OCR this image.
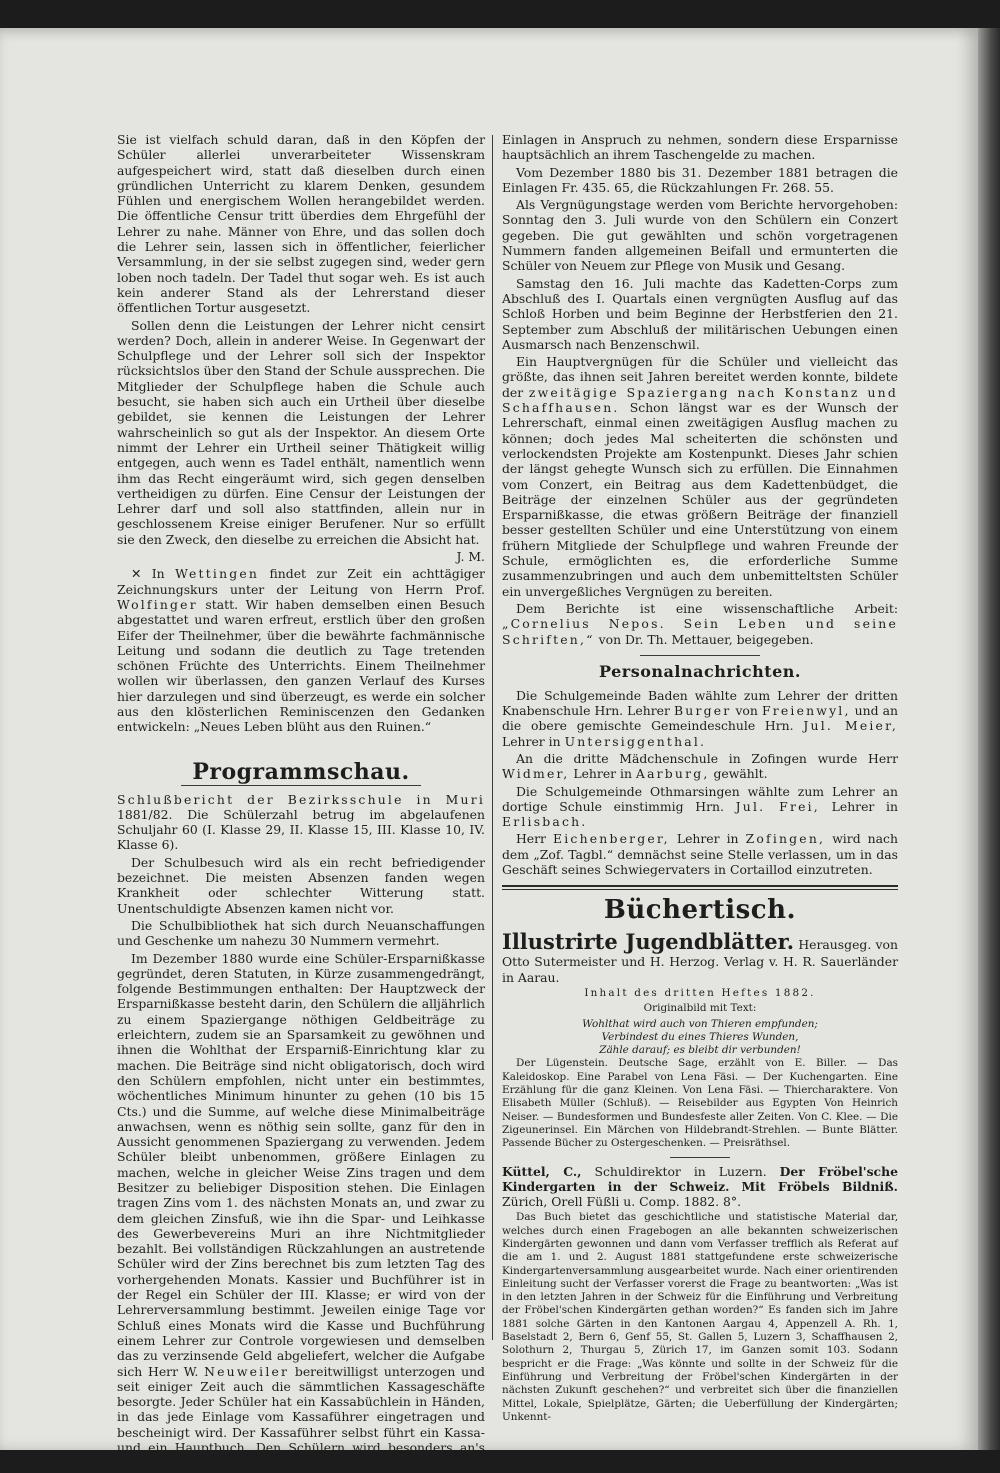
Sie ist vielfach schuld daran, daß in den Köpfen der Schüler allerlei unverarbeiteter Wissenskram aufgespeichert wird, statt daß dieselben durch einen gründlichen Unterricht zu klarem Denken, gesundem Fühlen und energischem Wollen herangebildet werden. Die öffentliche Censur tritt überdies dem Ehrgefühl der Lehrer zu nahe. Männer von Ehre, und das sollen doch die Lehrer sein, lassen sich in öffentlicher, feierlicher Versammlung, in der sie selbst zugegen sind, weder gern loben noch tadeln. Der Tadel thut sogar weh. Es ist auch kein anderer Stand als der Lehrerstand dieser öffentlichen Tortur ausgesetzt.

Sollen denn die Leistungen der Lehrer nicht censirt werden? Doch, allein in anderer Weise. In Gegenwart der Schulpflege und der Lehrer soll sich der Inspektor rücksichtslos über den Stand der Schule aussprechen. Die Mitglieder der Schulpflege haben die Schule auch besucht, sie haben sich auch ein Urtheil über dieselbe gebildet, sie kennen die Leistungen der Lehrer wahrscheinlich so gut als der Inspektor. An diesem Orte nimmt der Lehrer ein Urtheil seiner Thätigkeit willig entgegen, auch wenn es Tadel enthält, namentlich wenn ihm das Recht eingeräumt wird, sich gegen denselben vertheidigen zu dürfen. Eine Censur der Leistungen der Lehrer darf und soll also stattfinden, allein nur in geschlossenem Kreise einiger Berufener. Nur so erfüllt sie den Zweck, den dieselbe zu erreichen die Absicht hat.

J. M.

✕ In Wettingen findet zur Zeit ein achttägiger Zeichnungskurs unter der Leitung von Herrn Prof. Wolfinger statt. Wir haben demselben einen Besuch abgestattet und waren erfreut, erstlich über den großen Eifer der Theilnehmer, über die bewährte fachmännische Leitung und sodann die deutlich zu Tage tretenden schönen Früchte des Unterrichts. Einem Theilnehmer wollen wir überlassen, den ganzen Verlauf des Kurses hier darzulegen und sind überzeugt, es werde ein solcher aus den klösterlichen Reminiscenzen den Gedanken entwickeln: „Neues Leben blüht aus den Ruinen.“

Programmschau.

Schlußbericht der Bezirksschule in Muri 1881/82. Die Schülerzahl betrug im abgelaufenen Schuljahr 60 (I. Klasse 29, II. Klasse 15, III. Klasse 10, IV. Klasse 6).

Der Schulbesuch wird als ein recht befriedigender bezeichnet. Die meisten Absenzen fanden wegen Krankheit oder schlechter Witterung statt. Unentschuldigte Absenzen kamen nicht vor.

Die Schulbibliothek hat sich durch Neuanschaffungen und Geschenke um nahezu 30 Nummern vermehrt.

Im Dezember 1880 wurde eine Schüler-Ersparnißkasse gegründet, deren Statuten, in Kürze zusammengedrängt, folgende Bestimmungen enthalten: Der Hauptzweck der Ersparnißkasse besteht darin, den Schülern die alljährlich zu einem Spaziergange nöthigen Geldbeiträge zu erleichtern, zudem sie an Sparsamkeit zu gewöhnen und ihnen die Wohlthat der Ersparniß-Einrichtung klar zu machen. Die Beiträge sind nicht obligatorisch, doch wird den Schülern empfohlen, nicht unter ein bestimmtes, wöchentliches Minimum hinunter zu gehen (10 bis 15 Cts.) und die Summe, auf welche diese Minimalbeiträge anwachsen, wenn es nöthig sein sollte, ganz für den in Aussicht genommenen Spaziergang zu verwenden. Jedem Schüler bleibt unbenommen, größere Einlagen zu machen, welche in gleicher Weise Zins tragen und dem Besitzer zu beliebiger Disposition stehen. Die Einlagen tragen Zins vom 1. des nächsten Monats an, und zwar zu dem gleichen Zinsfuß, wie ihn die Spar- und Leihkasse des Gewerbevereins Muri an ihre Nichtmitglieder bezahlt. Bei vollständigen Rückzahlungen an austretende Schüler wird der Zins berechnet bis zum letzten Tag des vorhergehenden Monats. Kassier und Buchführer ist in der Regel ein Schüler der III. Klasse; er wird von der Lehrerversammlung bestimmt. Jeweilen einige Tage vor Schluß eines Monats wird die Kasse und Buchführung einem Lehrer zur Controle vorgewiesen und demselben das zu verzinsende Geld abgeliefert, welcher die Aufgabe sich Herr W. Neuweiler bereitwilligst unterzogen und seit einiger Zeit auch die sämmtlichen Kassageschäfte besorgte. Jeder Schüler hat ein Kassabüchlein in Händen, in das jede Einlage vom Kassaführer eingetragen und bescheinigt wird. Der Kassaführer selbst führt ein Kassa- und ein Hauptbuch. Den Schülern wird besonders an's Herz gelegt, ihre Eltern so wenig als möglich für die

Einlagen in Anspruch zu nehmen, sondern diese Ersparnisse hauptsächlich an ihrem Taschengelde zu machen.

Vom Dezember 1880 bis 31. Dezember 1881 betragen die Einlagen Fr. 435. 65, die Rückzahlungen Fr. 268. 55.

Als Vergnügungstage werden vom Berichte hervorgehoben: Sonntag den 3. Juli wurde von den Schülern ein Conzert gegeben. Die gut gewählten und schön vorgetragenen Nummern fanden allgemeinen Beifall und ermunterten die Schüler von Neuem zur Pflege von Musik und Gesang.

Samstag den 16. Juli machte das Kadetten-Corps zum Abschluß des I. Quartals einen vergnügten Ausflug auf das Schloß Horben und beim Beginne der Herbstferien den 21. September zum Abschluß der militärischen Uebungen einen Ausmarsch nach Benzenschwil.

Ein Hauptvergnügen für die Schüler und vielleicht das größte, das ihnen seit Jahren bereitet werden konnte, bildete der zweitägige Spaziergang nach Konstanz und Schaffhausen. Schon längst war es der Wunsch der Lehrerschaft, einmal einen zweitägigen Ausflug machen zu können; doch jedes Mal scheiterten die schönsten und verlockendsten Projekte am Kostenpunkt. Dieses Jahr schien der längst gehegte Wunsch sich zu erfüllen. Die Einnahmen vom Conzert, ein Beitrag aus dem Kadettenbüdget, die Beiträge der einzelnen Schüler aus der gegründeten Ersparnißkasse, die etwas größern Beiträge der finanziell besser gestellten Schüler und eine Unterstützung von einem frühern Mitgliede der Schulpflege und wahren Freunde der Schule, ermöglichten es, die erforderliche Summe zusammenzubringen und auch dem unbemitteltsten Schüler ein unvergeßliches Vergnügen zu bereiten.

Dem Berichte ist eine wissenschaftliche Arbeit: „Cornelius Nepos. Sein Leben und seine Schriften,“ von Dr. Th. Mettauer, beigegeben.

Personalnachrichten.

Die Schulgemeinde Baden wählte zum Lehrer der dritten Knabenschule Hrn. Lehrer Burger von Freienwyl, und an die obere gemischte Gemeindeschule Hrn. Jul. Meier, Lehrer in Untersiggenthal.

An die dritte Mädchenschule in Zofingen wurde Herr Widmer, Lehrer in Aarburg, gewählt.

Die Schulgemeinde Othmarsingen wählte zum Lehrer an dortige Schule einstimmig Hrn. Jul. Frei, Lehrer in Erlisbach.

Herr Eichenberger, Lehrer in Zofingen, wird nach dem „Zof. Tagbl.“ demnächst seine Stelle verlassen, um in das Geschäft seines Schwiegervaters in Cortaillod einzutreten.

Büchertisch.

Illustrirte Jugendblätter. Herausgeg. von Otto Sutermeister und H. Herzog. Verlag v. H. R. Sauerländer in Aarau.

Inhalt des dritten Heftes 1882.

Originalbild mit Text:

Wohlthat wird auch von Thieren empfunden;

Verbindest du eines Thieres Wunden,

Zähle darauf; es bleibt dir verbunden!

Der Lügenstein. Deutsche Sage, erzählt von E. Biller. — Das Kaleidoskop. Eine Parabel von Lena Fäsi. — Der Kuchengarten. Eine Erzählung für die ganz Kleinen. Von Lena Fäsi. — Thiercharaktere. Von Elisabeth Müller (Schluß). — Reisebilder aus Egypten Von Heinrich Neiser. — Bundesformen und Bundesfeste aller Zeiten. Von C. Klee. — Die Zigeunerinsel. Ein Märchen von Hildebrandt-Strehlen. — Bunte Blätter. Passende Bücher zu Ostergeschenken. — Preisräthsel.

Küttel, C., Schuldirektor in Luzern. Der Fröbel'sche Kindergarten in der Schweiz. Mit Fröbels Bildniß. Zürich, Orell Füßli u. Comp. 1882. 8°.

Das Buch bietet das geschichtliche und statistische Material dar, welches durch einen Fragebogen an alle bekannten schweizerischen Kindergärten gewonnen und dann vom Verfasser trefflich als Referat auf die am 1. und 2. August 1881 stattgefundene erste schweizerische Kindergartenversammlung ausgearbeitet wurde. Nach einer orientirenden Einleitung sucht der Verfasser vorerst die Frage zu beantworten: „Was ist in den letzten Jahren in der Schweiz für die Einführung und Verbreitung der Fröbel'schen Kindergärten gethan worden?“ Es fanden sich im Jahre 1881 solche Gärten in den Kantonen Aargau 4, Appenzell A. Rh. 1, Baselstadt 2, Bern 6, Genf 55, St. Gallen 5, Luzern 3, Schaffhausen 2, Solothurn 2, Thurgau 5, Zürich 17, im Ganzen somit 103. Sodann bespricht er die Frage: „Was könnte und sollte in der Schweiz für die Einführung und Verbreitung der Fröbel'schen Kindergärten in der nächsten Zukunft geschehen?“ und verbreitet sich über die finanziellen Mittel, Lokale, Spielplätze, Gärten; die Ueberfüllung der Kindergärten; Unkennt-
